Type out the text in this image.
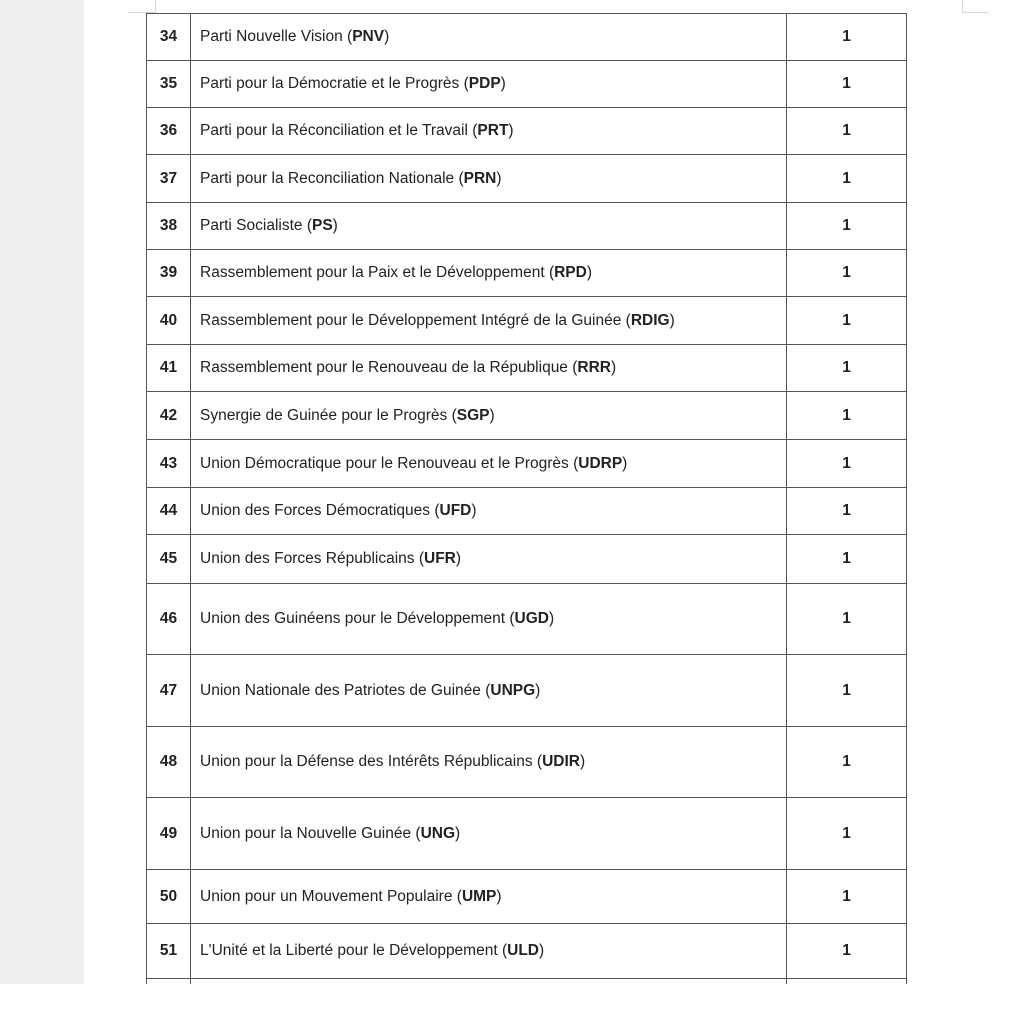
34	Parti Nouvelle Vision (PNV)	1
35	Parti pour la Démocratie et le Progrès (PDP)	1
36	Parti pour la Réconciliation et le Travail (PRT)	1
37	Parti pour la Reconciliation Nationale (PRN)	1
38	Parti Socialiste (PS)	1
39	Rassemblement pour la Paix et le Développement (RPD)	1
40	Rassemblement pour le Développement Intégré de la Guinée (RDIG)	1
41	Rassemblement pour le Renouveau de la République (RRR)	1
42	Synergie de Guinée pour le Progrès (SGP)	1
43	Union Démocratique pour le Renouveau et le Progrès (UDRP)	1
44	Union des Forces Démocratiques (UFD)	1
45	Union des Forces Républicains (UFR)	1
46	Union des Guinéens pour le Développement (UGD)	1
47	Union Nationale des Patriotes de Guinée (UNPG)	1
48	Union pour la Défense des Intérêts Républicains (UDIR)	1
49	Union pour la Nouvelle Guinée (UNG)	1
50	Union pour un Mouvement Populaire (UMP)	1
51	L'Unité et la Liberté pour le Développement (ULD)	1
